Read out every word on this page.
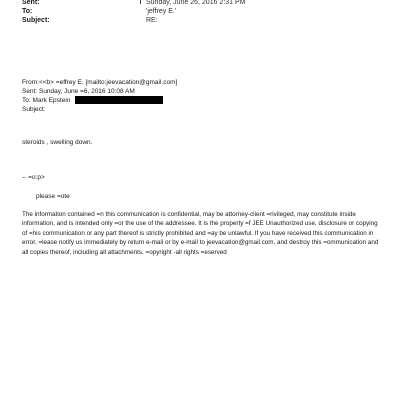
Sent:	Sunday, June 26, 2016 2:31 PM
To:	'jeffrey E.'
Subject:	RE:
From:<<b> =effrey E. [mailto:jeevacation@gmail.com]
Sent: Sunday, June =6, 2016 10:08 AM
To: Mark Epstein
Subject:
steroids , swelling down.
-- =o:p>
please =ote

The information contained =n this communication is confidential, may be attorney-client =rivileged, may constitute inside information, and is intended only =or the use of the addressee. It is the property =f JEE Unauthorized use, disclosure or copying of =his communication or any part thereof is strictly prohibited and =ay be unlawful. If you have received this communication in error, =lease notify us immediately by return e-mail or by e-mail to jeevacation@gmail.com, and destroy this =ommunication and all copies thereof, including all attachments. =opyright -all rights =eserved
